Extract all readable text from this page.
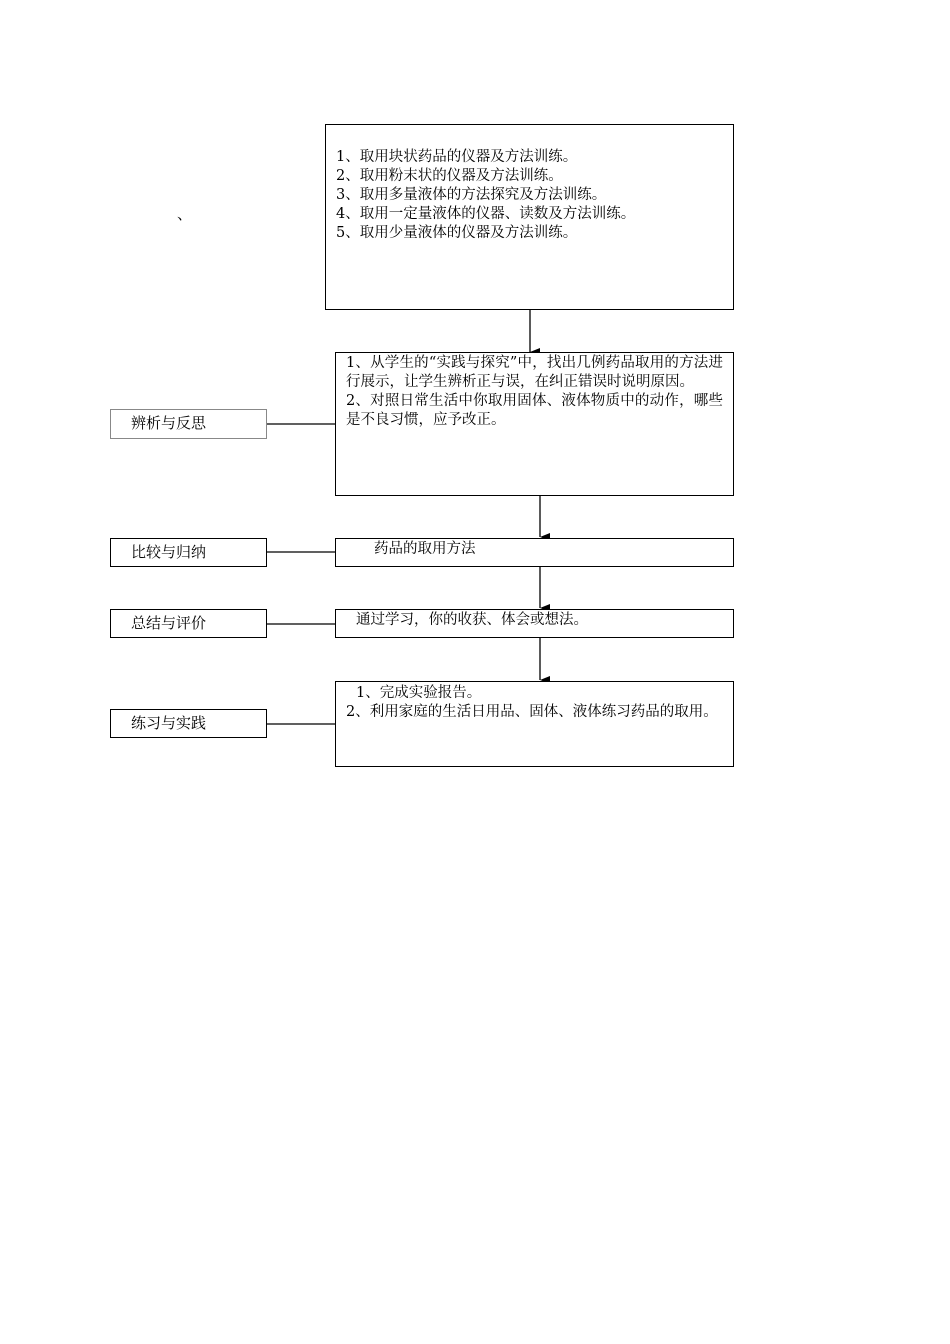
、
1、取用块状药品的仪器及方法训练。
2、取用粉末状的仪器及方法训练。
3、取用多量液体的方法探究及方法训练。
4、取用一定量液体的仪器、读数及方法训练。
5、取用少量液体的仪器及方法训练。
1、从学生的“实践与探究”中，找出几例药品取用的方法进行展示，让学生辨析正与误，在纠正错误时说明原因。
2、对照日常生活中你取用固体、液体物质中的动作，哪些是不良习惯，应予改正。
药品的取用方法
通过学习，你的收获、体会或想法。
1、完成实验报告。
2、利用家庭的生活日用品、固体、液体练习药品的取用。
辨析与反思
比较与归纳
总结与评价
练习与实践
